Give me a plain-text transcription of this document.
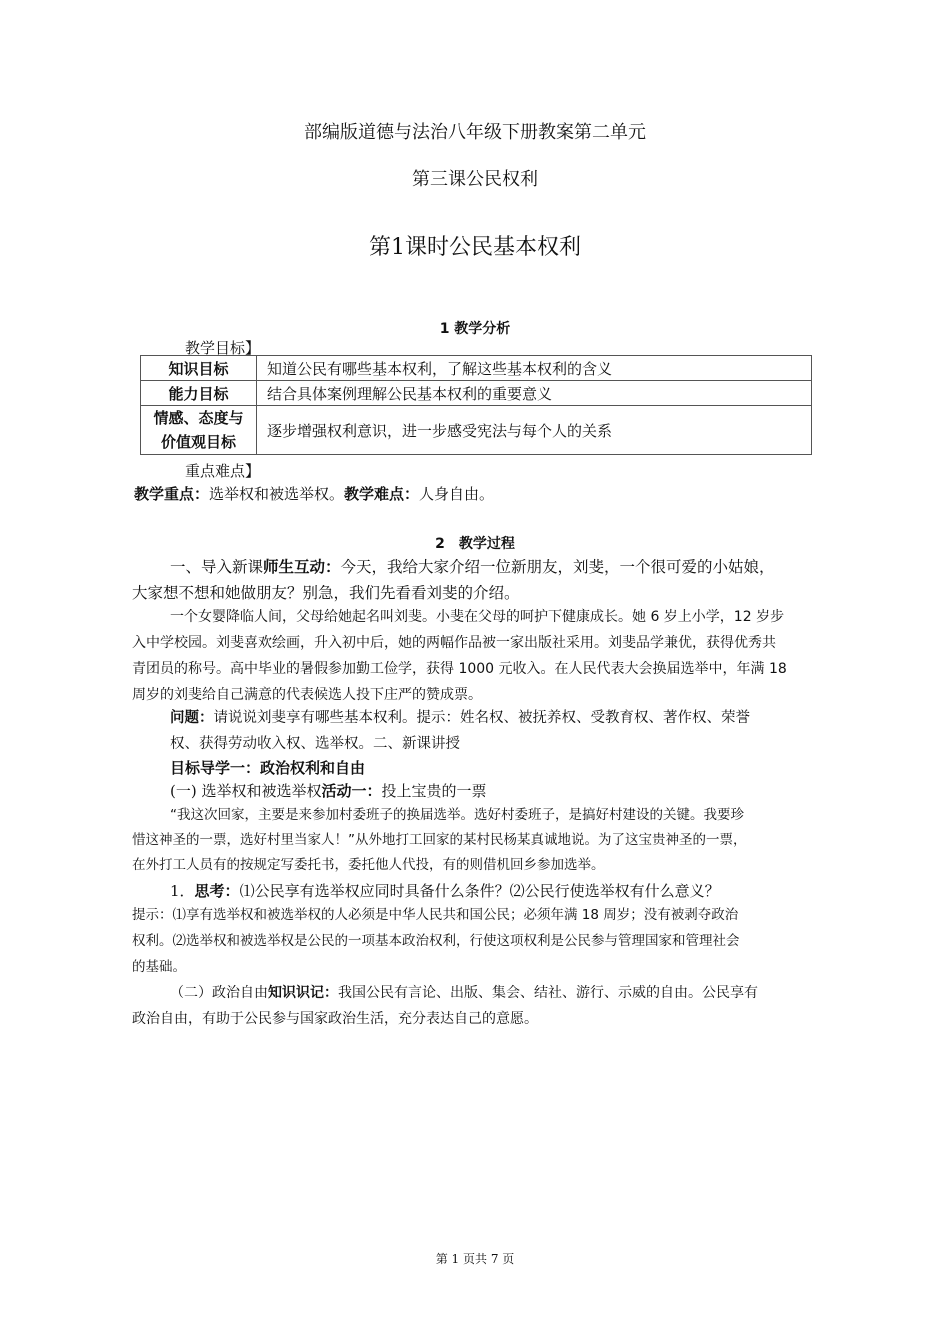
部编版道德与法治八年级下册教案第二单元
第三课公民权利
第1课时公民基本权利
1 教学分析
教学目标】
知识目标	知道公民有哪些基本权利，了解这些基本权利的含义
能力目标	结合具体案例理解公民基本权利的重要意义

情感、态度与
价值观目标	逐步增强权利意识，进一步感受宪法与每个人的关系
重点难点】
教学重点：选举权和被选举权。教学难点：人身自由。
2　教学过程
一、导入新课师生互动：今天，我给大家介绍一位新朋友，刘斐，一个很可爱的小姑娘，
大家想不想和她做朋友？别急，我们先看看刘斐的介绍。
一个女婴降临人间，父母给她起名叫刘斐。小斐在父母的呵护下健康成长。她 6 岁上小学，12 岁步
入中学校园。刘斐喜欢绘画，升入初中后，她的两幅作品被一家出版社采用。刘斐品学兼优，获得优秀共
青团员的称号。高中毕业的暑假参加勤工俭学，获得 1000 元收入。在人民代表大会换届选举中，年满 18
周岁的刘斐给自己满意的代表候选人投下庄严的赞成票。
问题：请说说刘斐享有哪些基本权利。提示：姓名权、被抚养权、受教育权、著作权、荣誉
权、获得劳动收入权、选举权。二、新课讲授
目标导学一：政治权利和自由
(一) 选举权和被选举权活动一：投上宝贵的一票
“我这次回家，主要是来参加村委班子的换届选举。选好村委班子，是搞好村建设的关键。我要珍
惜这神圣的一票，选好村里当家人！”从外地打工回家的某村民杨某真诚地说。为了这宝贵神圣的一票，
在外打工人员有的按规定写委托书，委托他人代投，有的则借机回乡参加选举。
1．思考：⑴公民享有选举权应同时具备什么条件？⑵公民行使选举权有什么意义？
提示：⑴享有选举权和被选举权的人必须是中华人民共和国公民；必须年满 18 周岁；没有被剥夺政治
权利。⑵选举权和被选举权是公民的一项基本政治权利，行使这项权利是公民参与管理国家和管理社会
的基础。
（二）政治自由知识识记：我国公民有言论、出版、集会、结社、游行、示威的自由。公民享有
政治自由，有助于公民参与国家政治生活，充分表达自己的意愿。
第 1 页共 7 页
